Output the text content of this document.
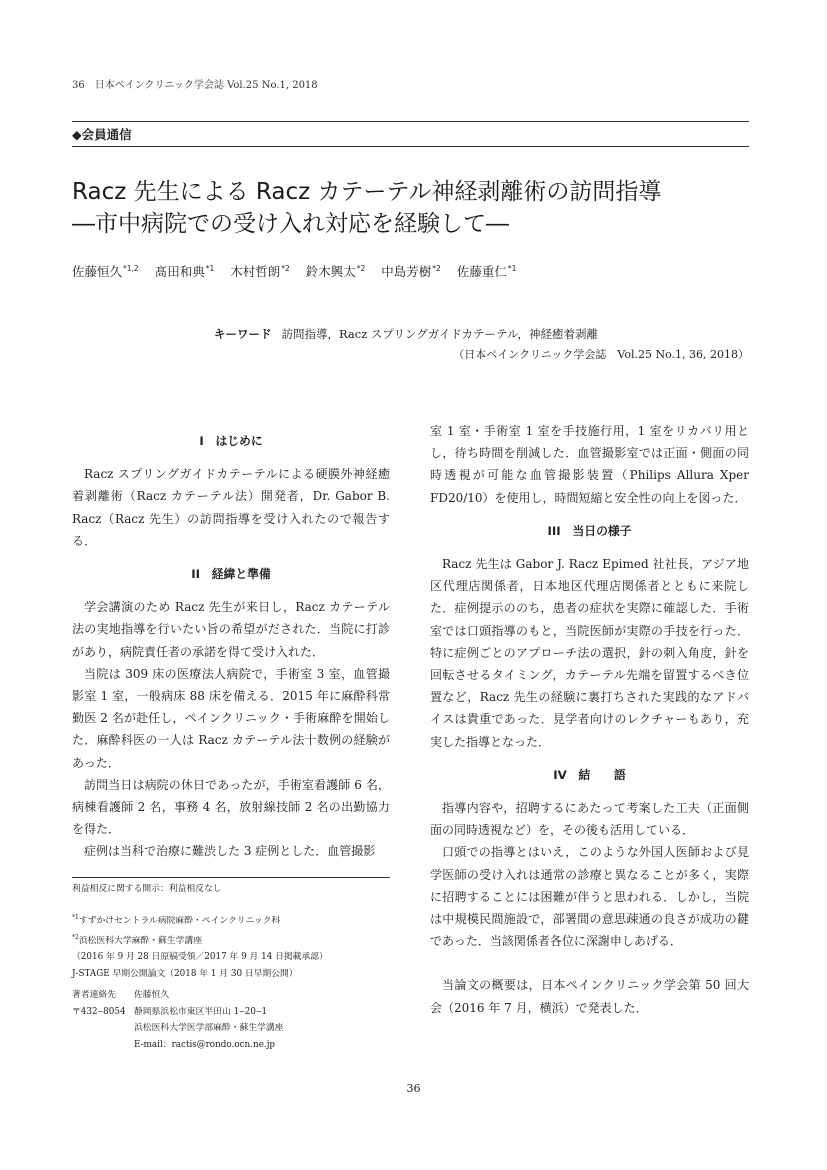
36　日本ペインクリニック学会誌 Vol.25 No.1, 2018
◆会員通信
Racz 先生による Racz カテーテル神経剥離術の訪問指導
―市中病院での受け入れ対応を経験して―
佐藤恒久$^{*1,2}$ 髙田和典$^{*1}$ 木村哲朗$^{*2}$ 鈴木興太$^{*2}$ 中島芳樹$^{*2}$ 佐藤重仁$^{*1}$
キーワード 訪問指導，Racz スプリングガイドカテーテル，神経癒着剥離
（日本ペインクリニック学会誌　Vol.25 No.1, 36, 2018）
I　はじめに

Racz スプリングガイドカテーテルによる硬膜外神経癒着剥離術（Racz カテーテル法）開発者，Dr. Gabor B. Racz（Racz 先生）の訪問指導を受け入れたので報告する．

II　経緯と準備

学会講演のため Racz 先生が来日し，Racz カテーテル法の実地指導を行いたい旨の希望がだされた．当院に打診があり，病院責任者の承諾を得て受け入れた．

当院は 309 床の医療法人病院で，手術室 3 室，血管撮影室 1 室，一般病床 88 床を備える．2015 年に麻酔科常勤医 2 名が赴任し，ペインクリニック・手術麻酔を開始した．麻酔科医の一人は Racz カテーテル法十数例の経験があった．

訪問当日は病院の休日であったが，手術室看護師 6 名，病棟看護師 2 名，事務 4 名，放射線技師 2 名の出勤協力を得た．

症例は当科で治療に難渋した 3 症例とした．血管撮影

利益相反に関する開示：利益相反なし
$^{*1}$すずかけセントラル病院麻酔・ペインクリニック科
$^{*2}$浜松医科大学麻酔・蘇生学講座
（2016 年 9 月 28 日原稿受領／2017 年 9 月 14 日掲載承認）
J-STAGE 早期公開論文（2018 年 1 月 30 日早期公開）
著者連絡先	佐藤恒久
〒432‒8054	静岡県浜松市東区半田山 1‒20‒1
	浜松医科大学医学部麻酔・蘇生学講座
	E-mail：ractis@rondo.ocn.ne.jp

室 1 室・手術室 1 室を手技施行用，1 室をリカバリ用とし，待ち時間を削減した．血管撮影室では正面・側面の同時透視が可能な血管撮影装置（Philips Allura Xper FD20/10）を使用し，時間短縮と安全性の向上を図った．

III　当日の様子

Racz 先生は Gabor J. Racz Epimed 社社長，アジア地区代理店関係者，日本地区代理店関係者とともに来院した．症例提示ののち，患者の症状を実際に確認した．手術室では口頭指導のもと，当院医師が実際の手技を行った．特に症例ごとのアプローチ法の選択，針の刺入角度，針を回転させるタイミング，カテーテル先端を留置するべき位置など，Racz 先生の経験に裏打ちされた実践的なアドバイスは貴重であった．見学者向けのレクチャーもあり，充実した指導となった．

IV　結　　語

指導内容や，招聘するにあたって考案した工夫（正面側面の同時透視など）を，その後も活用している．

口頭での指導とはいえ，このような外国人医師および見学医師の受け入れは通常の診療と異なることが多く，実際に招聘することには困難が伴うと思われる．しかし，当院は中規模民間施設で，部署間の意思疎通の良さが成功の鍵であった．当該関係者各位に深謝申しあげる．

当論文の概要は，日本ペインクリニック学会第 50 回大会（2016 年 7 月，横浜）で発表した．

36
